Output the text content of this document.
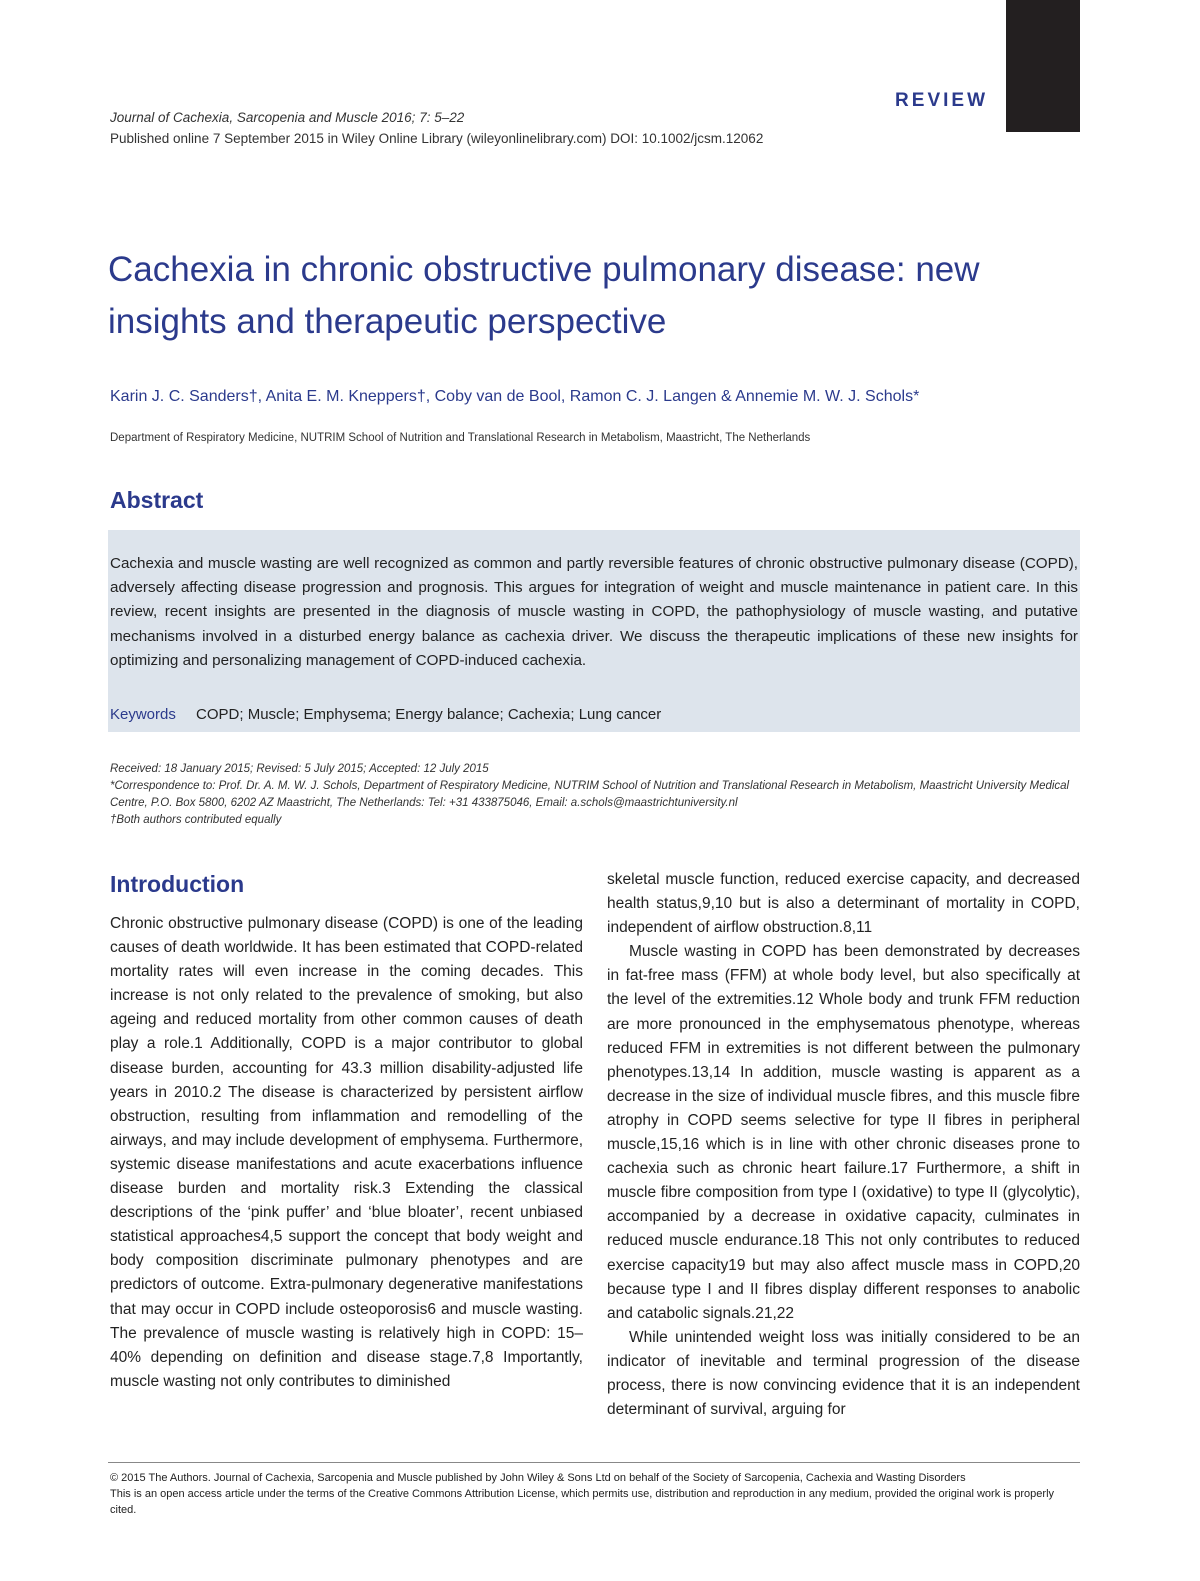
REVIEW
Journal of Cachexia, Sarcopenia and Muscle 2016; 7: 5–22
Published online 7 September 2015 in Wiley Online Library (wileyonlinelibrary.com) DOI: 10.1002/jcsm.12062
Cachexia in chronic obstructive pulmonary disease: new insights and therapeutic perspective
Karin J. C. Sanders†, Anita E. M. Kneppers†, Coby van de Bool, Ramon C. J. Langen & Annemie M. W. J. Schols*
Department of Respiratory Medicine, NUTRIM School of Nutrition and Translational Research in Metabolism, Maastricht, The Netherlands
Abstract
Cachexia and muscle wasting are well recognized as common and partly reversible features of chronic obstructive pulmonary disease (COPD), adversely affecting disease progression and prognosis. This argues for integration of weight and muscle maintenance in patient care. In this review, recent insights are presented in the diagnosis of muscle wasting in COPD, the pathophysiology of muscle wasting, and putative mechanisms involved in a disturbed energy balance as cachexia driver. We discuss the therapeutic implications of these new insights for optimizing and personalizing management of COPD-induced cachexia.
Keywords COPD; Muscle; Emphysema; Energy balance; Cachexia; Lung cancer
Received: 18 January 2015; Revised: 5 July 2015; Accepted: 12 July 2015
*Correspondence to: Prof. Dr. A. M. W. J. Schols, Department of Respiratory Medicine, NUTRIM School of Nutrition and Translational Research in Metabolism, Maastricht University Medical Centre, P.O. Box 5800, 6202 AZ Maastricht, The Netherlands: Tel: +31 433875046, Email: a.schols@maastrichtuniversity.nl
†Both authors contributed equally
Introduction

Chronic obstructive pulmonary disease (COPD) is one of the leading causes of death worldwide. It has been estimated that COPD-related mortality rates will even increase in the coming decades. This increase is not only related to the prevalence of smoking, but also ageing and reduced mortality from other common causes of death play a role.1 Additionally, COPD is a major contributor to global disease burden, accounting for 43.3 million disability-adjusted life years in 2010.2 The disease is characterized by persistent airflow obstruction, resulting from inflammation and remodelling of the airways, and may include development of emphysema. Furthermore, systemic disease manifestations and acute exacerbations influence disease burden and mortality risk.3 Extending the classical descriptions of the ‘pink puffer’ and ‘blue bloater’, recent unbiased statistical approaches4,5 support the concept that body weight and body composition discriminate pulmonary phenotypes and are predictors of outcome. Extra-pulmonary degenerative manifestations that may occur in COPD include osteoporosis6 and muscle wasting. The prevalence of muscle wasting is relatively high in COPD: 15–40% depending on definition and disease stage.7,8 Importantly, muscle wasting not only contributes to diminished

skeletal muscle function, reduced exercise capacity, and decreased health status,9,10 but is also a determinant of mortality in COPD, independent of airflow obstruction.8,11

Muscle wasting in COPD has been demonstrated by decreases in fat-free mass (FFM) at whole body level, but also specifically at the level of the extremities.12 Whole body and trunk FFM reduction are more pronounced in the emphysematous phenotype, whereas reduced FFM in extremities is not different between the pulmonary phenotypes.13,14 In addition, muscle wasting is apparent as a decrease in the size of individual muscle fibres, and this muscle fibre atrophy in COPD seems selective for type II fibres in peripheral muscle,15,16 which is in line with other chronic diseases prone to cachexia such as chronic heart failure.17 Furthermore, a shift in muscle fibre composition from type I (oxidative) to type II (glycolytic), accompanied by a decrease in oxidative capacity, culminates in reduced muscle endurance.18 This not only contributes to reduced exercise capacity19 but may also affect muscle mass in COPD,20 because type I and II fibres display different responses to anabolic and catabolic signals.21,22

While unintended weight loss was initially considered to be an indicator of inevitable and terminal progression of the disease process, there is now convincing evidence that it is an independent determinant of survival, arguing for

© 2015 The Authors. Journal of Cachexia, Sarcopenia and Muscle published by John Wiley & Sons Ltd on behalf of the Society of Sarcopenia, Cachexia and Wasting Disorders
This is an open access article under the terms of the Creative Commons Attribution License, which permits use, distribution and reproduction in any medium, provided the original work is properly cited.
